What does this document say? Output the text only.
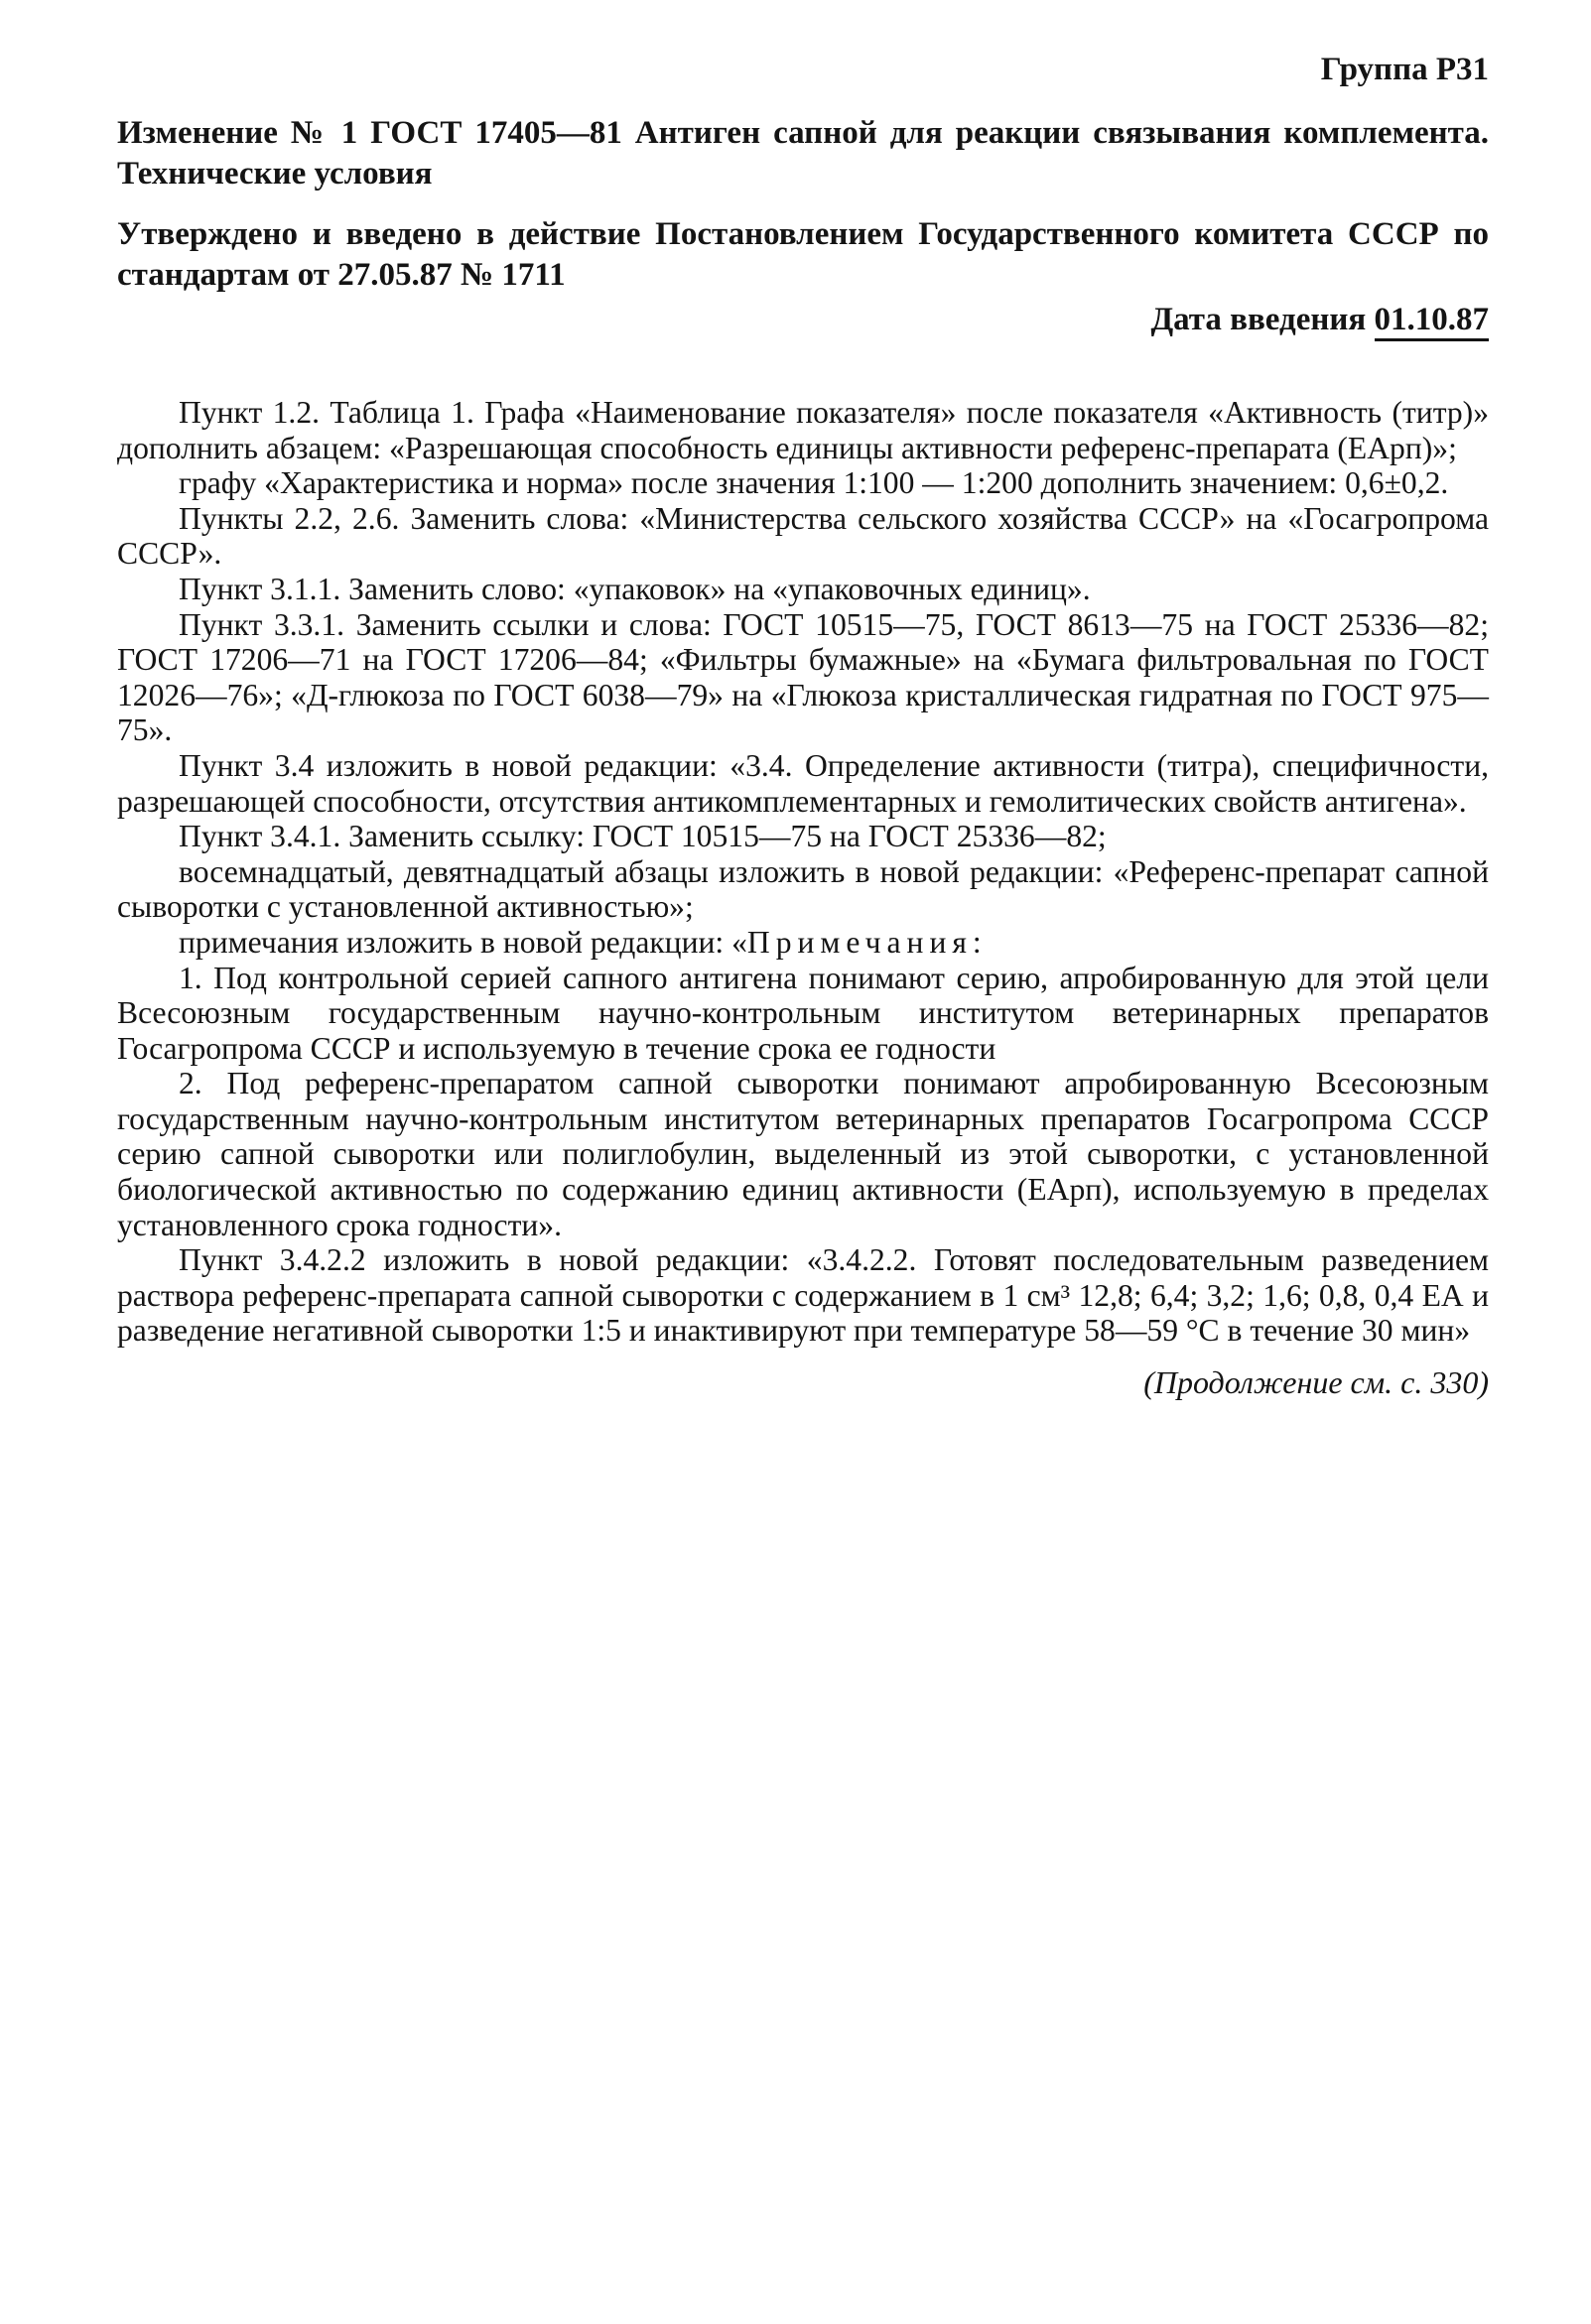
Группа Р31
Изменение № 1 ГОСТ 17405—81 Антиген сапной для реакции связывания комплемента. Технические условия
Утверждено и введено в действие Постановлением Государственного комитета СССР по стандартам от 27.05.87 № 1711
Дата введения 01.10.87

Пункт 1.2. Таблица 1. Графа «Наименование показателя» после показателя «Активность (титр)» дополнить абзацем: «Разрешающая способность единицы активности референс-препарата (ЕАрп)»;

графу «Характеристика и норма» после значения 1:100 — 1:200 дополнить значением: 0,6±0,2.

Пункты 2.2, 2.6. Заменить слова: «Министерства сельского хозяйства СССР» на «Госагропрома СССР».

Пункт 3.1.1. Заменить слово: «упаковок» на «упаковочных единиц».

Пункт 3.3.1. Заменить ссылки и слова: ГОСТ 10515—75, ГОСТ 8613—75 на ГОСТ 25336—82; ГОСТ 17206—71 на ГОСТ 17206—84; «Фильтры бумажные» на «Бумага фильтровальная по ГОСТ 12026—76»; «Д-глюкоза по ГОСТ 6038—79» на «Глюкоза кристаллическая гидратная по ГОСТ 975—75».

Пункт 3.4 изложить в новой редакции: «3.4. Определение активности (титра), специфичности, разрешающей способности, отсутствия антикомплементарных и гемолитических свойств антигена».

Пункт 3.4.1. Заменить ссылку: ГОСТ 10515—75 на ГОСТ 25336—82;

восемнадцатый, девятнадцатый абзацы изложить в новой редакции: «Референс-препарат сапной сыворотки с установленной активностью»;

примечания изложить в новой редакции: «Примечания:

1. Под контрольной серией сапного антигена понимают серию, апробированную для этой цели Всесоюзным государственным научно-контрольным институтом ветеринарных препаратов Госагропрома СССР и используемую в течение срока ее годности

2. Под референс-препаратом сапной сыворотки понимают апробированную Всесоюзным государственным научно-контрольным институтом ветеринарных препаратов Госагропрома СССР серию сапной сыворотки или полиглобулин, выделенный из этой сыворотки, с установленной биологической активностью по содержанию единиц активности (ЕАрп), используемую в пределах установленного срока годности».

Пункт 3.4.2.2 изложить в новой редакции: «3.4.2.2. Готовят последовательным разведением раствора референс-препарата сапной сыворотки с содержанием в 1 см³ 12,8; 6,4; 3,2; 1,6; 0,8, 0,4 ЕА и разведение негативной сыворотки 1:5 и инактивируют при температуре 58—59 °С в течение 30 мин»

(Продолжение см. с. 330)
